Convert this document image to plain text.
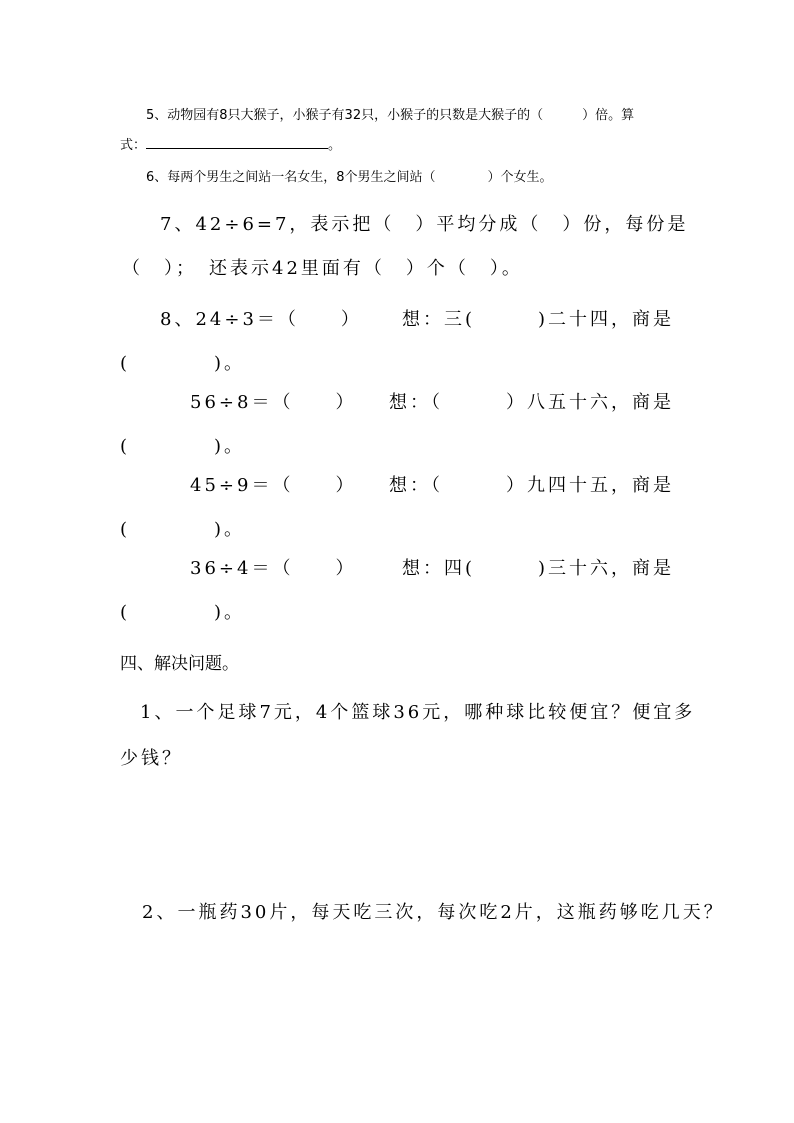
5、动物园有8只大猴子，小猴子有32只，小猴子的只数是大猴子的（　　　）倍。算
式：	。
6、每两个男生之间站一名女生，8个男生之间站（　　　　）个女生。
7、42÷6=7，表示把（　）平均分成（　）份，每份是
（　）；　还表示42里面有（　）个（　）。
8、24÷3＝（　　） 想：三(　　　)二十四，商是
(　　　　)。
56÷8＝（　　） 想：（　　　）八五十六，商是
(　　　　)。
45÷9＝（　　） 想：（　　　）九四十五，商是
(　　　　)。
36÷4＝（　　）	想：四(　　　)三十六，商是
(　　　　)。
四、解决问题。
1、一个足球7元，4个篮球36元，哪种球比较便宜？便宜多
少钱？
2、一瓶药30片，每天吃三次，每次吃2片，这瓶药够吃几天？
